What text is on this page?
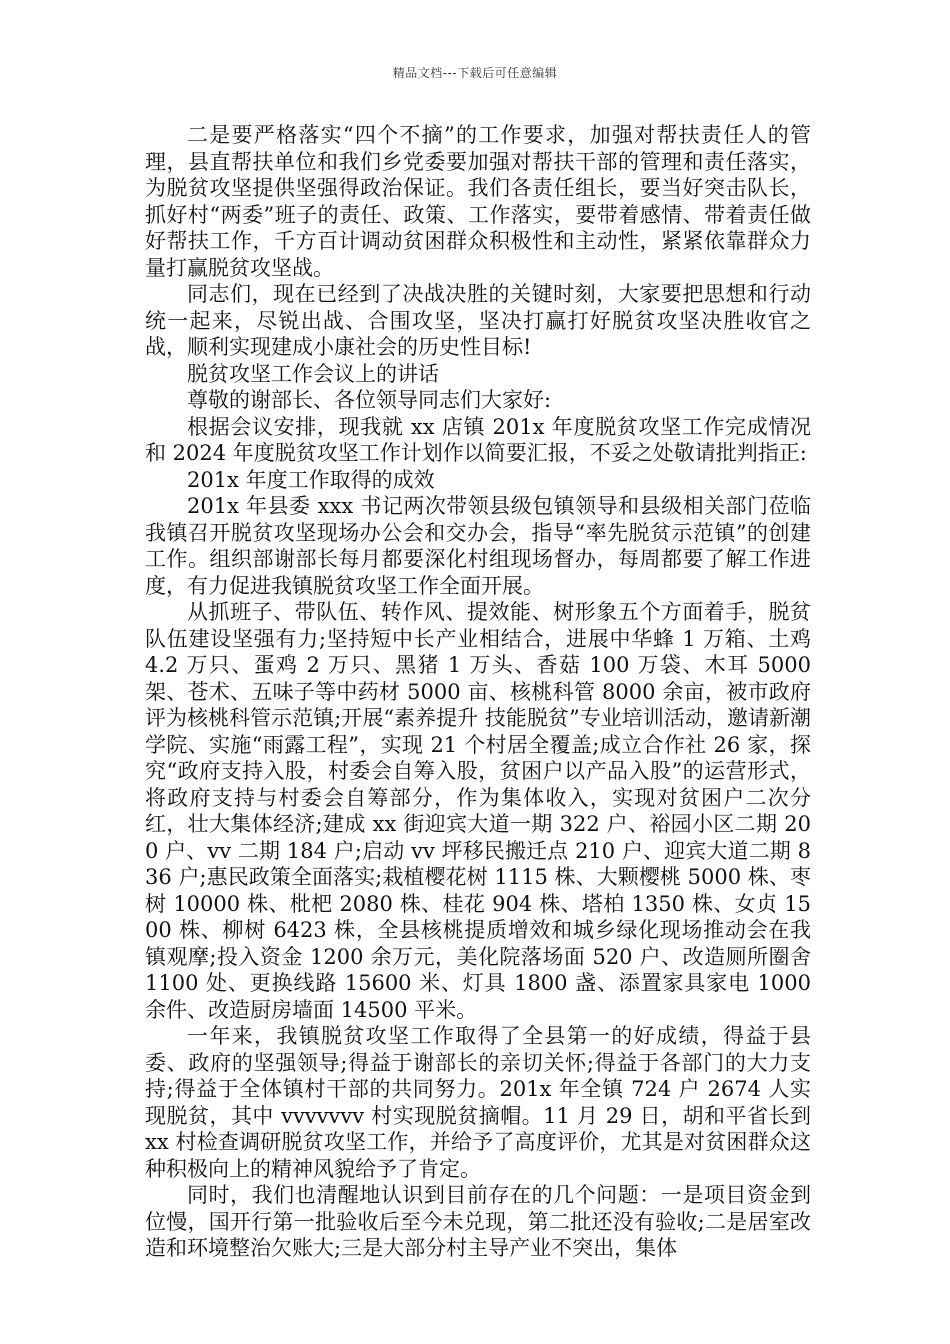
精品文档---下载后可任意编辑

二是要严格落实“四个不摘”的工作要求，加强对帮扶责任人的管理，县直帮扶单位和我们乡党委要加强对帮扶干部的管理和责任落实，为脱贫攻坚提供坚强得政治保证。我们各责任组长，要当好突击队长，抓好村“两委”班子的责任、政策、工作落实，要带着感情、带着责任做好帮扶工作，千方百计调动贫困群众积极性和主动性，紧紧依靠群众力量打赢脱贫攻坚战。

同志们，现在已经到了决战决胜的关键时刻，大家要把思想和行动统一起来，尽锐出战、合围攻坚，坚决打赢打好脱贫攻坚决胜收官之战，顺利实现建成小康社会的历史性目标!

脱贫攻坚工作会议上的讲话

尊敬的谢部长、各位领导同志们大家好:

根据会议安排，现我就 xx 店镇 201x 年度脱贫攻坚工作完成情况和 2024 年度脱贫攻坚工作计划作以简要汇报，不妥之处敬请批判指正:

201x 年度工作取得的成效

201x 年县委 xxx 书记两次带领县级包镇领导和县级相关部门莅临我镇召开脱贫攻坚现场办公会和交办会，指导“率先脱贫示范镇”的创建工作。组织部谢部长每月都要深化村组现场督办，每周都要了解工作进度，有力促进我镇脱贫攻坚工作全面开展。

从抓班子、带队伍、转作风、提效能、树形象五个方面着手，脱贫队伍建设坚强有力;坚持短中长产业相结合，进展中华蜂 1 万箱、土鸡 4.2 万只、蛋鸡 2 万只、黑猪 1 万头、香菇 100 万袋、木耳 5000 架、苍术、五味子等中药材 5000 亩、核桃科管 8000 余亩，被市政府评为核桃科管示范镇;开展“素养提升 技能脱贫”专业培训活动，邀请新潮学院、实施“雨露工程”，实现 21 个村居全覆盖;成立合作社 26 家，探究“政府支持入股，村委会自筹入股，贫困户以产品入股”的运营形式，将政府支持与村委会自筹部分，作为集体收入，实现对贫困户二次分红，壮大集体经济;建成 xx 街迎宾大道一期 322 户、裕园小区二期 200 户、vv 二期 184 户;启动 vv 坪移民搬迁点 210 户、迎宾大道二期 836 户;惠民政策全面落实;栽植樱花树 1115 株、大颗樱桃 5000 株、枣树 10000 株、枇杷 2080 株、桂花 904 株、塔柏 1350 株、女贞 1500 株、柳树 6423 株，全县核桃提质增效和城乡绿化现场推动会在我镇观摩;投入资金 1200 余万元，美化院落场面 520 户、改造厕所圈舍 1100 处、更换线路 15600 米、灯具 1800 盏、添置家具家电 1000 余件、改造厨房墙面 14500 平米。

一年来，我镇脱贫攻坚工作取得了全县第一的好成绩，得益于县委、政府的坚强领导;得益于谢部长的亲切关怀;得益于各部门的大力支持;得益于全体镇村干部的共同努力。201x 年全镇 724 户 2674 人实现脱贫，其中 vvvvvvv 村实现脱贫摘帽。11 月 29 日，胡和平省长到 xx 村检查调研脱贫攻坚工作，并给予了高度评价，尤其是对贫困群众这种积极向上的精神风貌给予了肯定。

同时，我们也清醒地认识到目前存在的几个问题：一是项目资金到位慢，国开行第一批验收后至今未兑现，第二批还没有验收;二是居室改造和环境整治欠账大;三是大部分村主导产业不突出，集体
